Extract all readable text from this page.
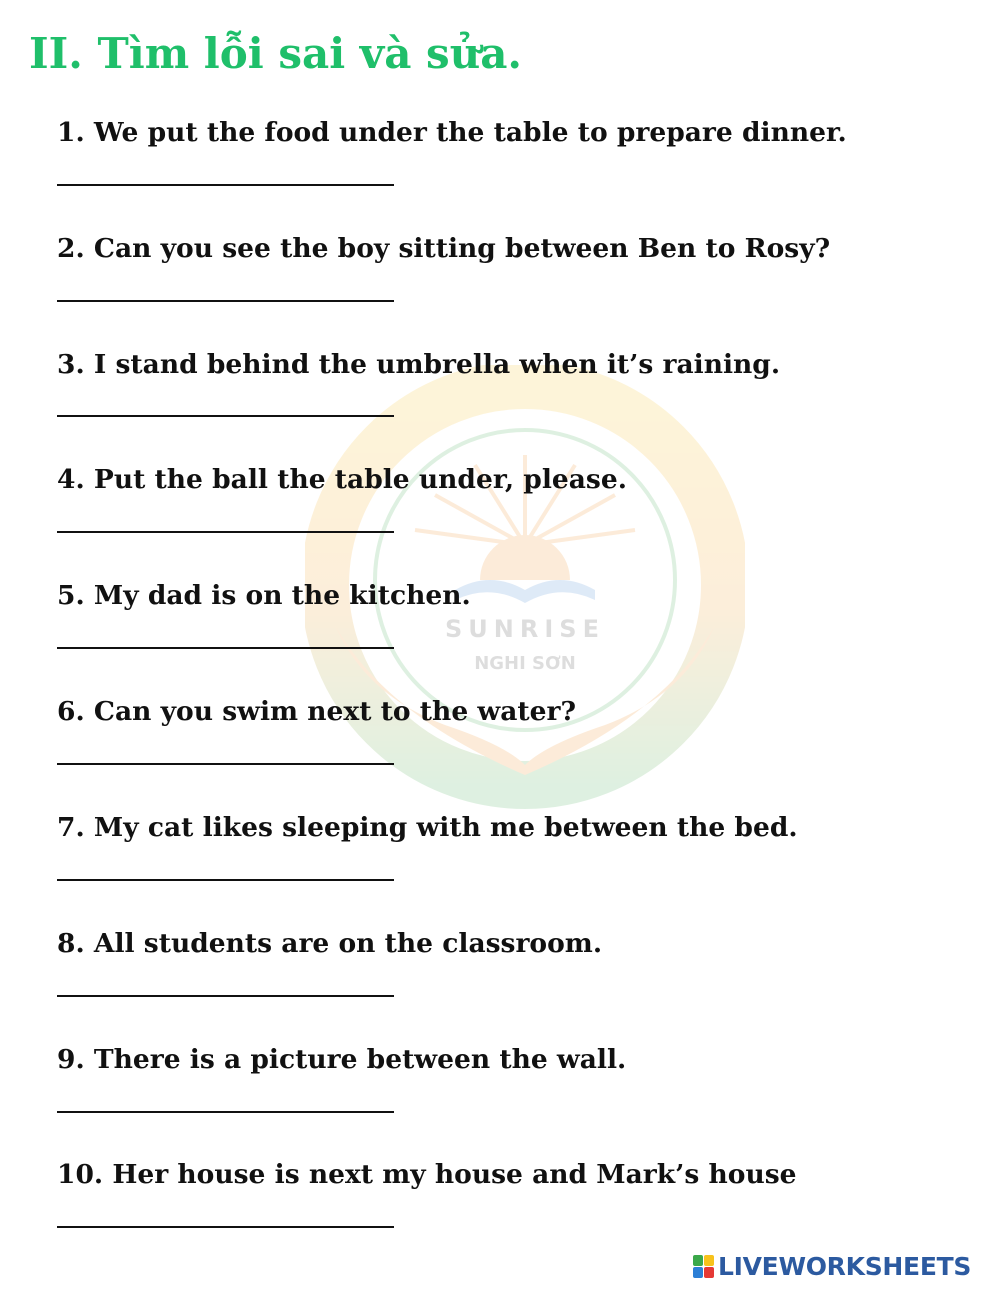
SUNRISE
NGHI SƠN
II. Tìm lỗi sai và sửa.

1. We put the food under the table to prepare dinner.

2. Can you see the boy sitting between Ben to Rosy?

3. I stand behind the umbrella when it’s raining.

4. Put the ball the table under, please.

5. My dad is on the kitchen.

6. Can you swim next to the water?

7. My cat likes sleeping with me between the bed.

8. All students are on the classroom.

9. There is a picture between the wall.

10. Her house is next my house and Mark’s house

LIVEWORKSHEETS
